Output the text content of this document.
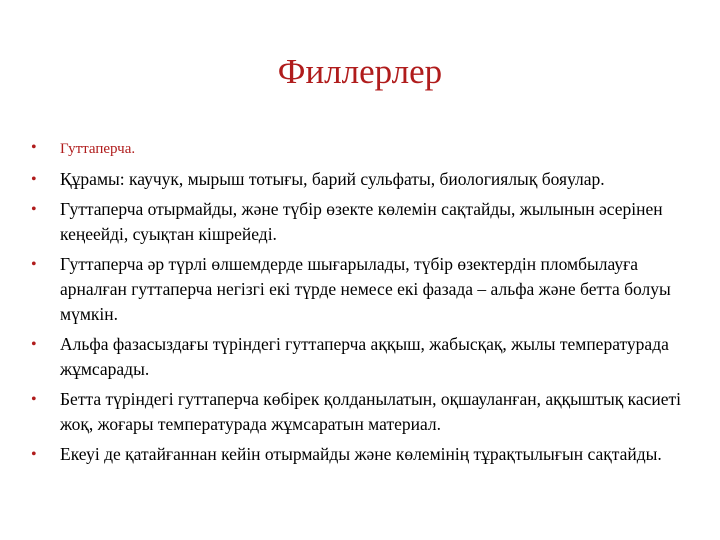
Филлерлер
• Гуттаперча.
• Құрамы: каучук, мырыш тотығы, барий сульфаты, биологиялық бояулар.
• Гуттаперча отырмайды, және түбір өзекте көлемін сақтайды, жылынын әсерінен кеңеейді, суықтан кішрейеді.
• Гуттаперча әр түрлі өлшемдерде шығарылады, түбір өзектердін пломбылауға арналған гуттаперча негізгі екі түрде немесе екі фазада – альфа және бетта болуы мүмкін.
• Альфа фазасыздағы түріндегі гуттаперча аққыш, жабысқақ, жылы температурада жұмсарады.
• Бетта түріндегі гуттаперча көбірек қолданылатын, оқшауланған, аққыштық касиеті жоқ, жоғары температурада жұмсаратын материал.
• Екеуі де қатайғаннан кейін отырмайды және көлемінің тұрақтылығын сақтайды.
